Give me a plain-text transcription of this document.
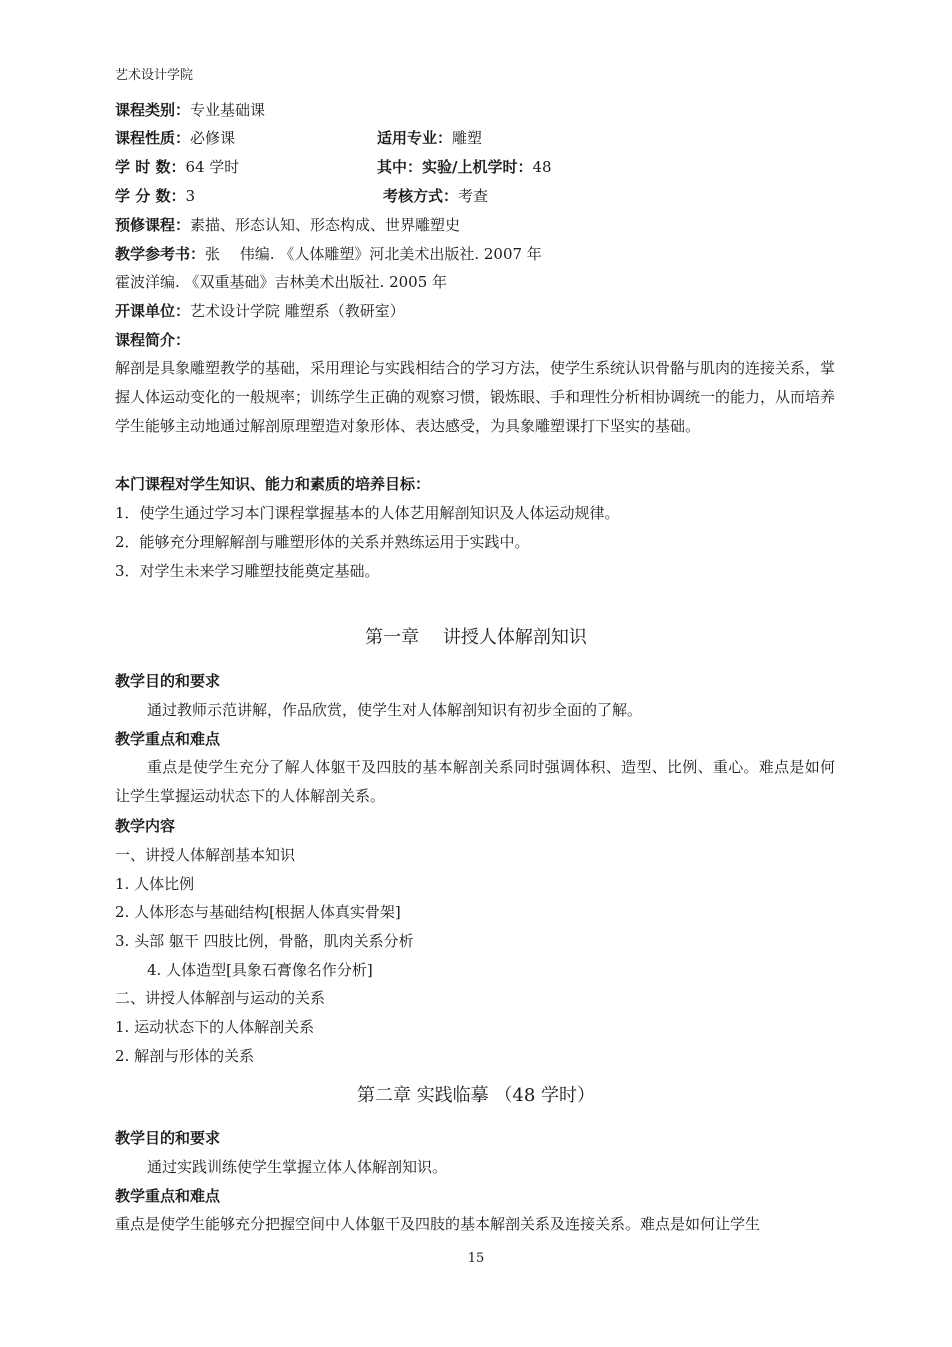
艺术设计学院
课程类别：专业基础课
课程性质：必修课	适用专业：雕塑
学 时 数：64 学时	其中：实验/上机学时：48
学 分 数：3	考核方式：考查
预修课程：素描、形态认知、形态构成、世界雕塑史
教学参考书：张　 伟编. 《人体雕塑》河北美术出版社. 2007 年
霍波洋编. 《双重基础》吉林美术出版社. 2005 年
开课单位：艺术设计学院 雕塑系（教研室）
课程简介：
解剖是具象雕塑教学的基础，采用理论与实践相结合的学习方法，使学生系统认识骨骼与肌肉的连接关系，掌握人体运动变化的一般规率；训练学生正确的观察习惯，锻炼眼、手和理性分析相协调统一的能力，从而培养学生能够主动地通过解剖原理塑造对象形体、表达感受，为具象雕塑课打下坚实的基础。
本门课程对学生知识、能力和素质的培养目标：
1．使学生通过学习本门课程掌握基本的人体艺用解剖知识及人体运动规律。
2．能够充分理解解剖与雕塑形体的关系并熟练运用于实践中。
3．对学生未来学习雕塑技能奠定基础。
第一章　 讲授人体解剖知识
教学目的和要求
通过教师示范讲解，作品欣赏，使学生对人体解剖知识有初步全面的了解。
教学重点和难点
重点是使学生充分了解人体躯干及四肢的基本解剖关系同时强调体积、造型、比例、重心。难点是如何让学生掌握运动状态下的人体解剖关系。
教学内容
一、讲授人体解剖基本知识
1. 人体比例
2. 人体形态与基础结构[根据人体真实骨架]
3. 头部 躯干 四肢比例，骨骼，肌肉关系分析
4. 人体造型[具象石膏像名作分析]
二、讲授人体解剖与运动的关系
1. 运动状态下的人体解剖关系
2. 解剖与形体的关系
第二章 实践临摹 （48 学时）
教学目的和要求
通过实践训练使学生掌握立体人体解剖知识。
教学重点和难点
重点是使学生能够充分把握空间中人体躯干及四肢的基本解剖关系及连接关系。难点是如何让学生
15
